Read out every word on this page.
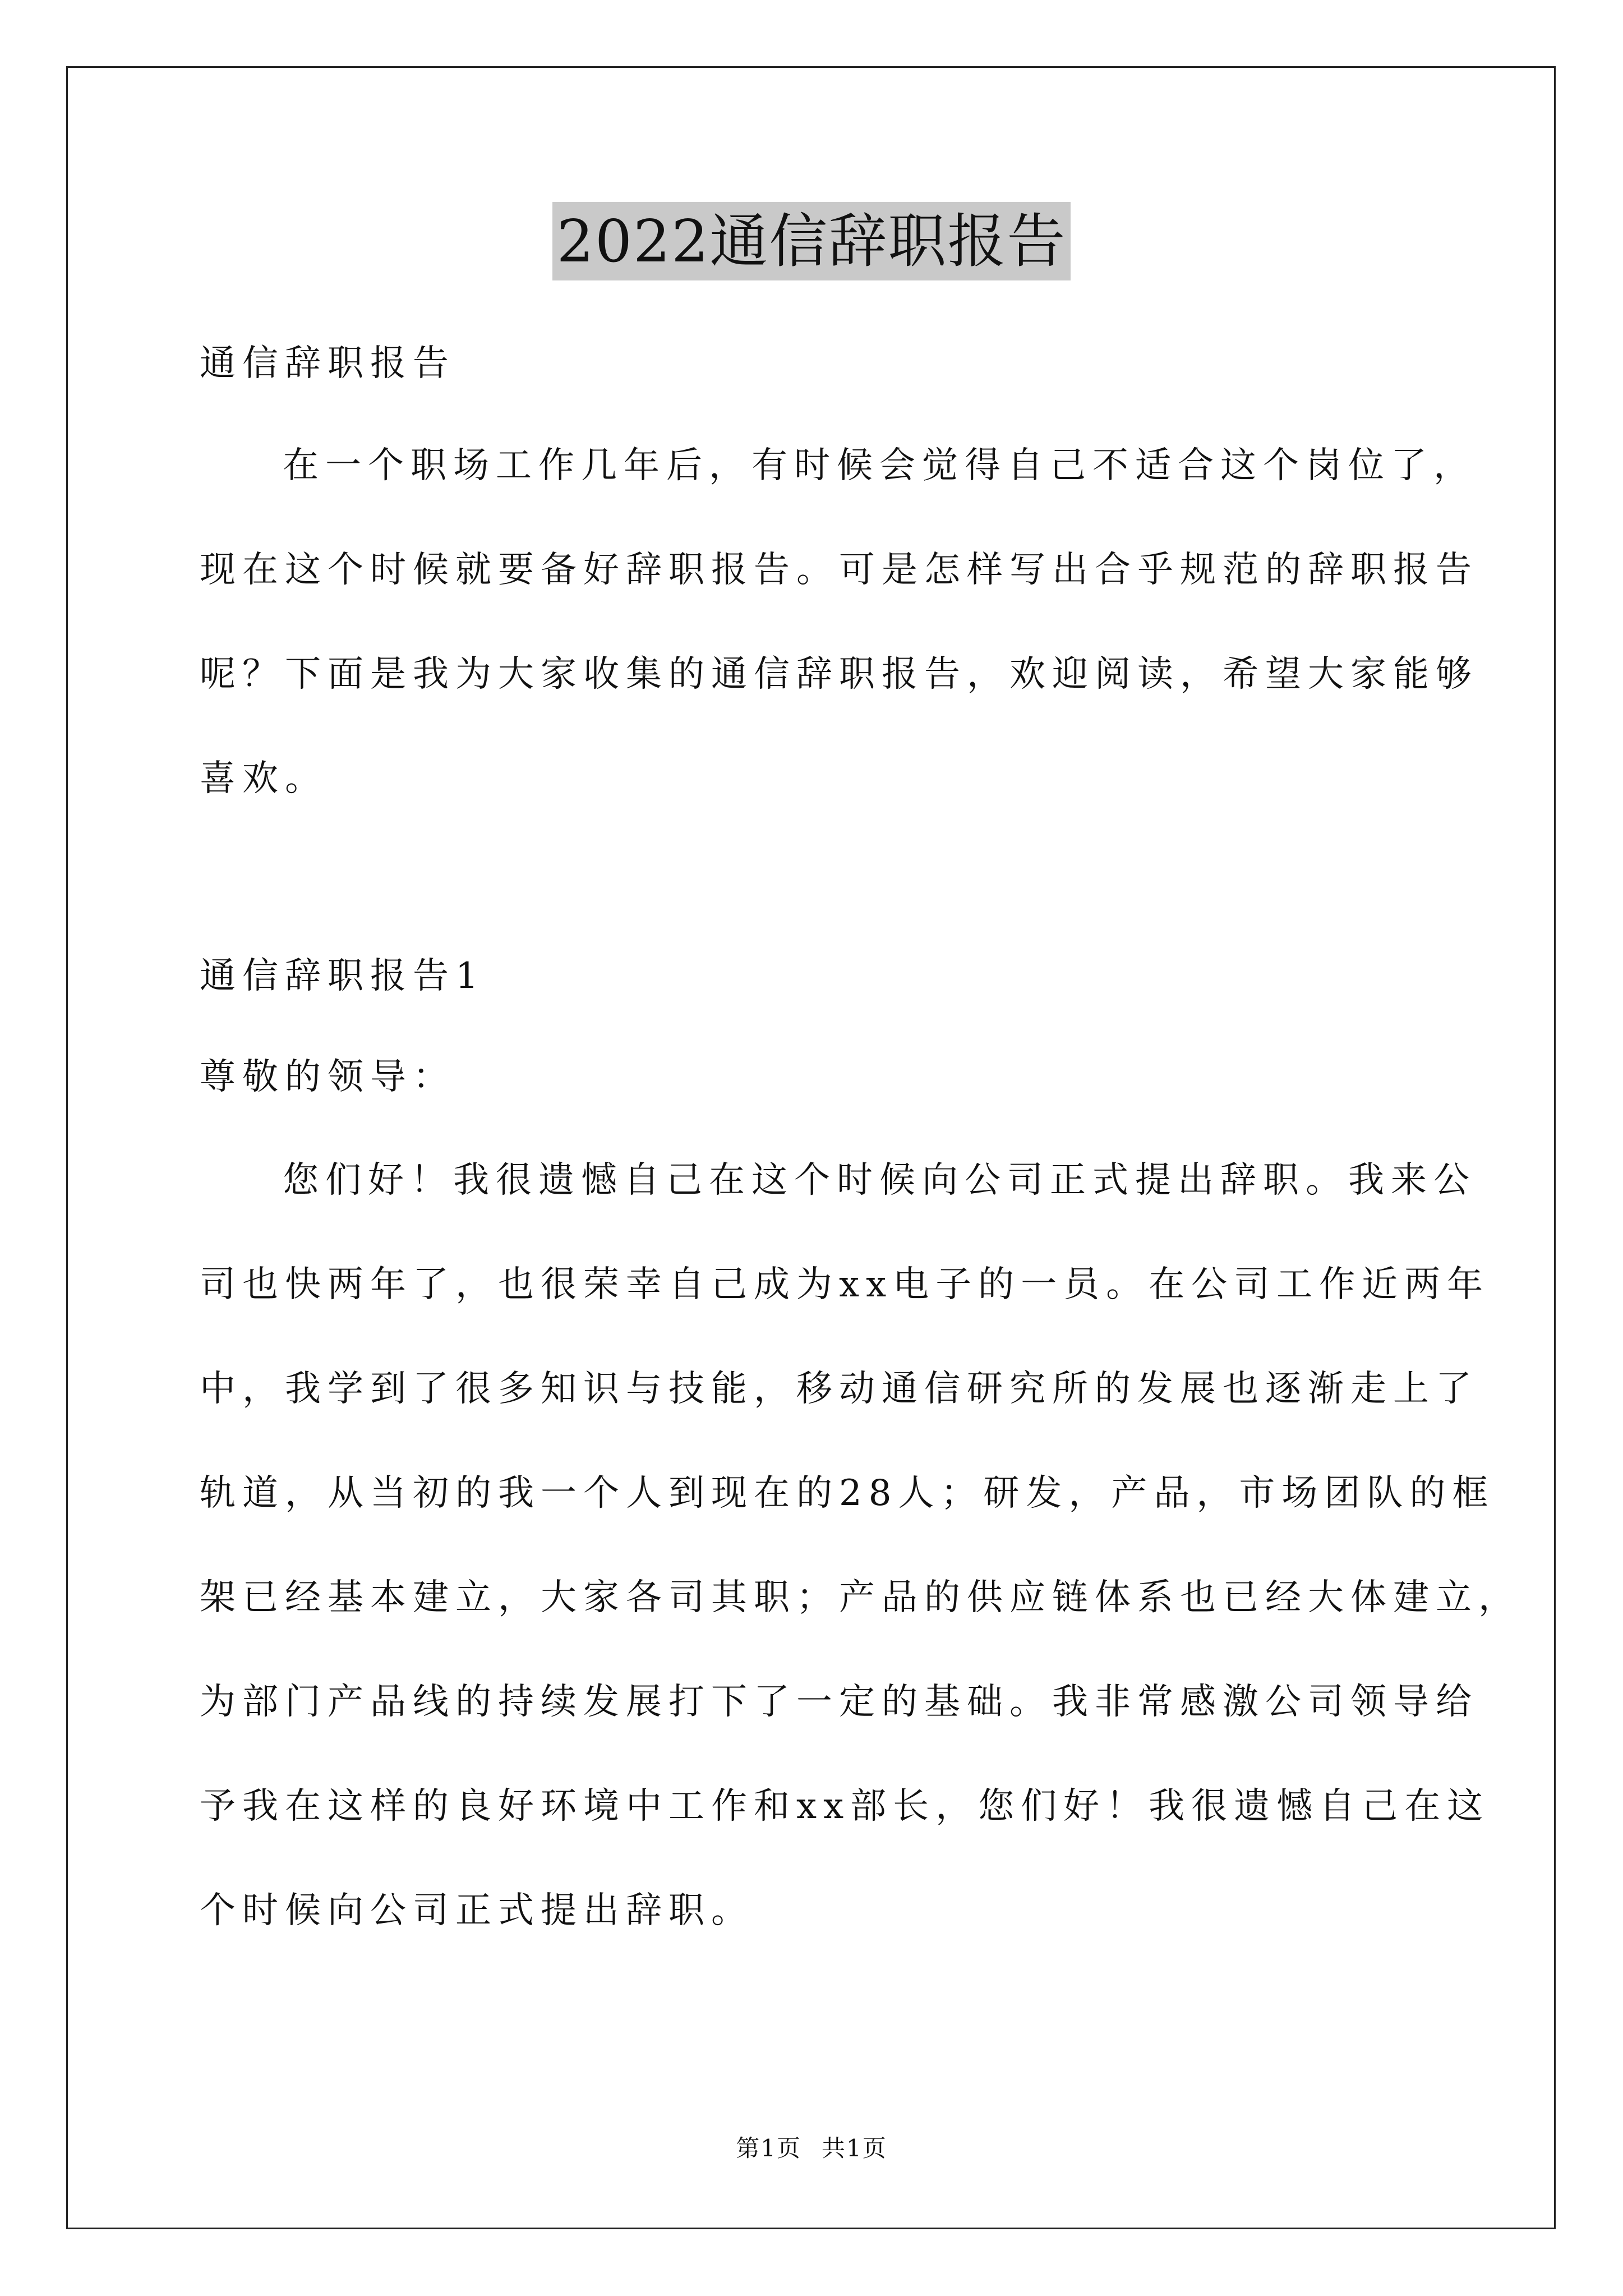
2022通信辞职报告
通信辞职报告
在一个职场工作几年后，有时候会觉得自己不适合这个岗位了，
现在这个时候就要备好辞职报告。可是怎样写出合乎规范的辞职报告
呢？下面是我为大家收集的通信辞职报告，欢迎阅读，希望大家能够
喜欢。
通信辞职报告1
尊敬的领导：
您们好！我很遗憾自己在这个时候向公司正式提出辞职。我来公
司也快两年了，也很荣幸自己成为xx电子的一员。在公司工作近两年
中，我学到了很多知识与技能，移动通信研究所的发展也逐渐走上了
轨道，从当初的我一个人到现在的28人；研发，产品，市场团队的框
架已经基本建立，大家各司其职；产品的供应链体系也已经大体建立，
为部门产品线的持续发展打下了一定的基础。我非常感激公司领导给
予我在这样的良好环境中工作和xx部长，您们好！我很遗憾自己在这
个时候向公司正式提出辞职。
第1页 共1页
